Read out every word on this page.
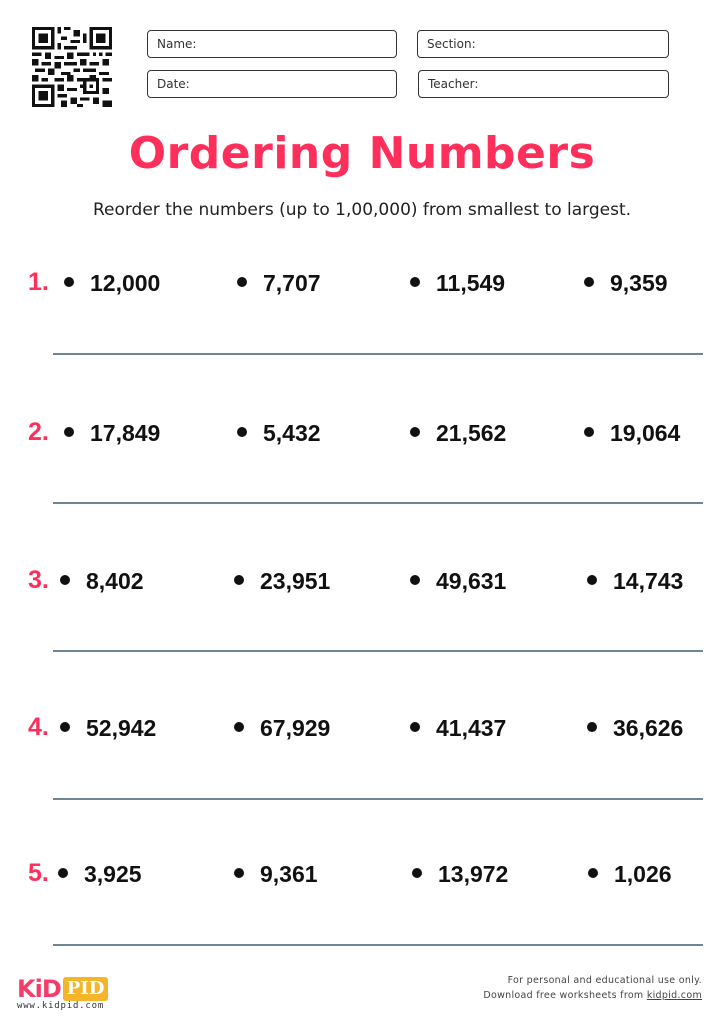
Name:	Section:
Date:	Teacher:
Ordering Numbers
Reorder the numbers (up to 1,00,000) from smallest to largest.
1.	12,000	7,707	11,549	9,359
2.	17,849	5,432	21,562	19,064
3.	8,402	23,951	49,631	14,743
4.	52,942	67,929	41,437	36,626
5.	3,925	9,361	13,972	1,026
KiD PID
www.kidpid.com
For personal and educational use only.
Download free worksheets from kidpid.com
